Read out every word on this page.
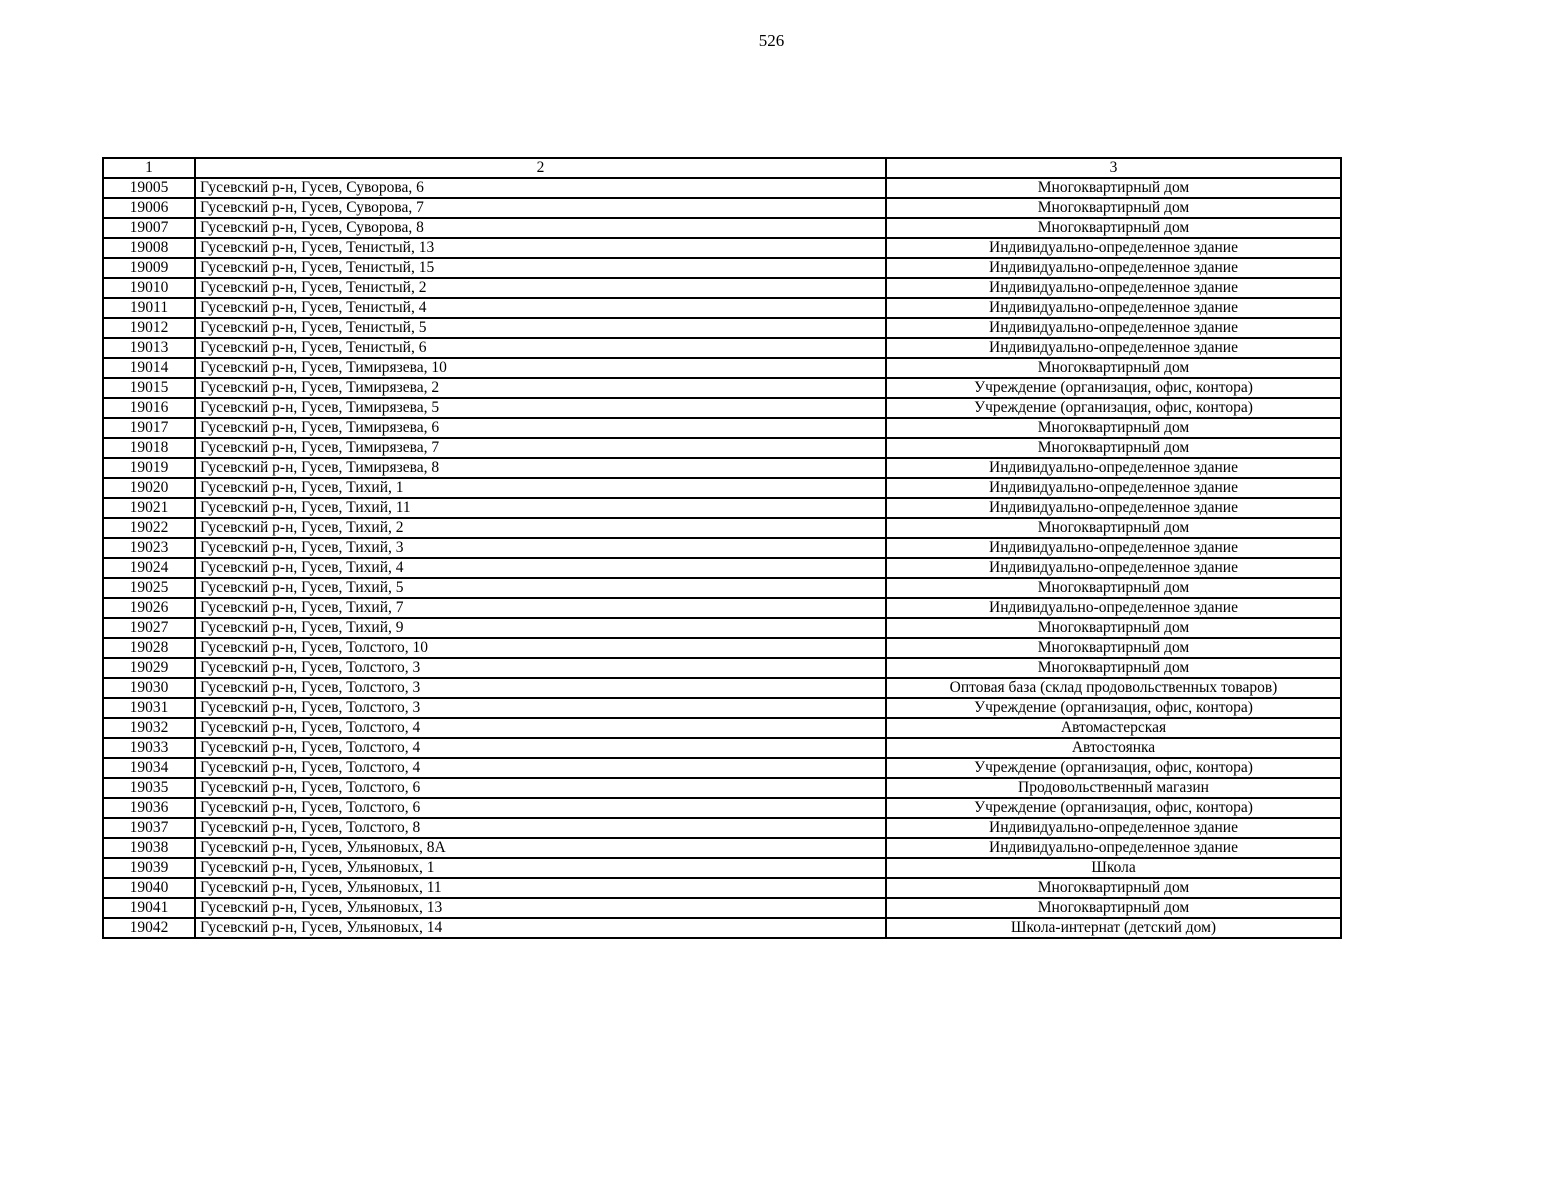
526
1	2	3
19005	Гусевский р-н, Гусев, Суворова, 6	Многоквартирный дом
19006	Гусевский р-н, Гусев, Суворова, 7	Многоквартирный дом
19007	Гусевский р-н, Гусев, Суворова, 8	Многоквартирный дом
19008	Гусевский р-н, Гусев, Тенистый, 13	Индивидуально-определенное здание
19009	Гусевский р-н, Гусев, Тенистый, 15	Индивидуально-определенное здание
19010	Гусевский р-н, Гусев, Тенистый, 2	Индивидуально-определенное здание
19011	Гусевский р-н, Гусев, Тенистый, 4	Индивидуально-определенное здание
19012	Гусевский р-н, Гусев, Тенистый, 5	Индивидуально-определенное здание
19013	Гусевский р-н, Гусев, Тенистый, 6	Индивидуально-определенное здание
19014	Гусевский р-н, Гусев, Тимирязева, 10	Многоквартирный дом
19015	Гусевский р-н, Гусев, Тимирязева, 2	Учреждение (организация, офис, контора)
19016	Гусевский р-н, Гусев, Тимирязева, 5	Учреждение (организация, офис, контора)
19017	Гусевский р-н, Гусев, Тимирязева, 6	Многоквартирный дом
19018	Гусевский р-н, Гусев, Тимирязева, 7	Многоквартирный дом
19019	Гусевский р-н, Гусев, Тимирязева, 8	Индивидуально-определенное здание
19020	Гусевский р-н, Гусев, Тихий, 1	Индивидуально-определенное здание
19021	Гусевский р-н, Гусев, Тихий, 11	Индивидуально-определенное здание
19022	Гусевский р-н, Гусев, Тихий, 2	Многоквартирный дом
19023	Гусевский р-н, Гусев, Тихий, 3	Индивидуально-определенное здание
19024	Гусевский р-н, Гусев, Тихий, 4	Индивидуально-определенное здание
19025	Гусевский р-н, Гусев, Тихий, 5	Многоквартирный дом
19026	Гусевский р-н, Гусев, Тихий, 7	Индивидуально-определенное здание
19027	Гусевский р-н, Гусев, Тихий, 9	Многоквартирный дом
19028	Гусевский р-н, Гусев, Толстого, 10	Многоквартирный дом
19029	Гусевский р-н, Гусев, Толстого, 3	Многоквартирный дом
19030	Гусевский р-н, Гусев, Толстого, 3	Оптовая база (склад продовольственных товаров)
19031	Гусевский р-н, Гусев, Толстого, 3	Учреждение (организация, офис, контора)
19032	Гусевский р-н, Гусев, Толстого, 4	Автомастерская
19033	Гусевский р-н, Гусев, Толстого, 4	Автостоянка
19034	Гусевский р-н, Гусев, Толстого, 4	Учреждение (организация, офис, контора)
19035	Гусевский р-н, Гусев, Толстого, 6	Продовольственный магазин
19036	Гусевский р-н, Гусев, Толстого, 6	Учреждение (организация, офис, контора)
19037	Гусевский р-н, Гусев, Толстого, 8	Индивидуально-определенное здание
19038	Гусевский р-н, Гусев, Ульяновых, 8А	Индивидуально-определенное здание
19039	Гусевский р-н, Гусев, Ульяновых, 1	Школа
19040	Гусевский р-н, Гусев, Ульяновых, 11	Многоквартирный дом
19041	Гусевский р-н, Гусев, Ульяновых, 13	Многоквартирный дом
19042	Гусевский р-н, Гусев, Ульяновых, 14	Школа-интернат (детский дом)
